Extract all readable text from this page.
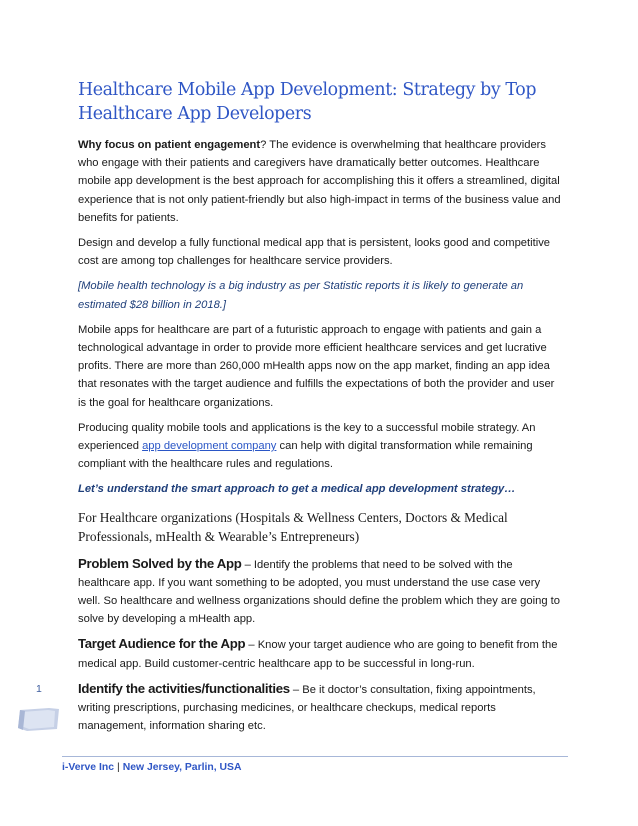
Healthcare Mobile App Development: Strategy by Top Healthcare App Developers

Why focus on patient engagement? The evidence is overwhelming that healthcare providers who engage with their patients and caregivers have dramatically better outcomes. Healthcare mobile app development is the best approach for accomplishing this it offers a streamlined, digital experience that is not only patient-friendly but also high-impact in terms of the business value and benefits for patients.

Design and develop a fully functional medical app that is persistent, looks good and competitive cost are among top challenges for healthcare service providers.

[Mobile health technology is a big industry as per Statistic reports it is likely to generate an estimated $28 billion in 2018.]

Mobile apps for healthcare are part of a futuristic approach to engage with patients and gain a technological advantage in order to provide more efficient healthcare services and get lucrative profits. There are more than 260,000 mHealth apps now on the app market, finding an app idea that resonates with the target audience and fulfills the expectations of both the provider and user is the goal for healthcare organizations.

Producing quality mobile tools and applications is the key to a successful mobile strategy. An experienced app development company can help with digital transformation while remaining compliant with the healthcare rules and regulations.

Let’s understand the smart approach to get a medical app development strategy…

For Healthcare organizations (Hospitals & Wellness Centers, Doctors & Medical Professionals, mHealth & Wearable’s Entrepreneurs)

Problem Solved by the App – Identify the problems that need to be solved with the healthcare app. If you want something to be adopted, you must understand the use case very well. So healthcare and wellness organizations should define the problem which they are going to solve by developing a mHealth app.

Target Audience for the App – Know your target audience who are going to benefit from the medical app. Build customer-centric healthcare app to be successful in long-run.

Identify the activities/functionalities – Be it doctor’s consultation, fixing appointments, writing prescriptions, purchasing medicines, or healthcare checkups, medical reports management, information sharing etc.

1
i-Verve Inc | New Jersey, Parlin, USA
